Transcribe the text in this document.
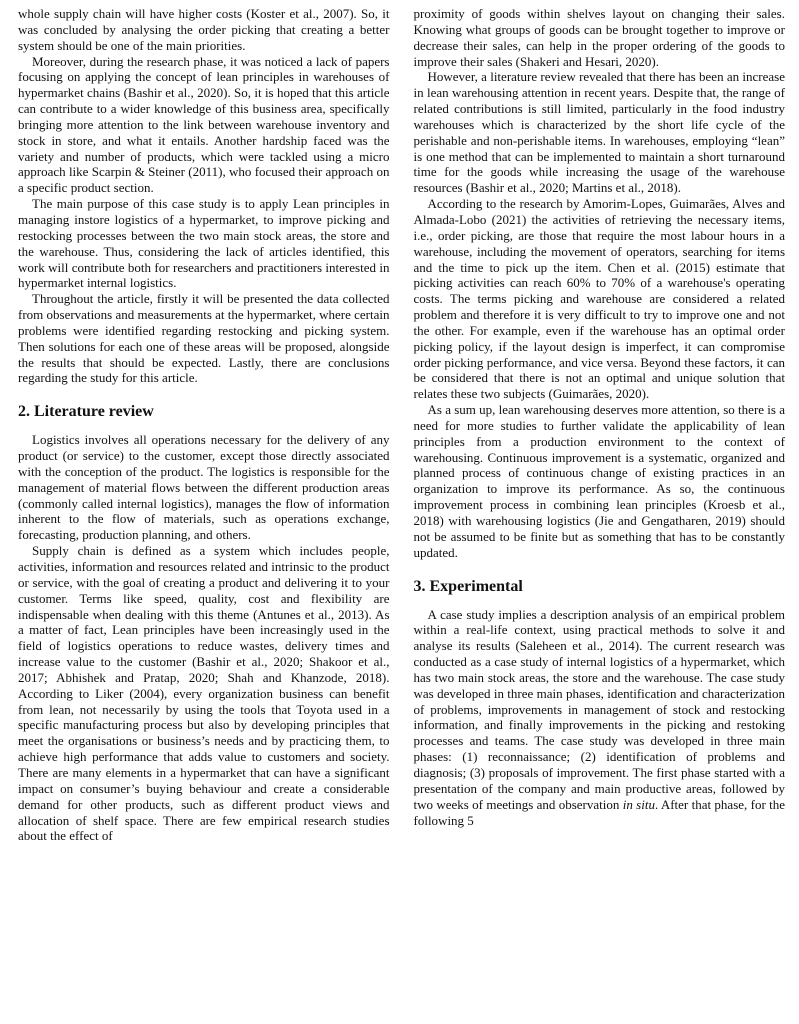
whole supply chain will have higher costs (Koster et al., 2007). So, it was concluded by analysing the order picking that creating a better system should be one of the main priorities.

Moreover, during the research phase, it was noticed a lack of papers focusing on applying the concept of lean principles in warehouses of hypermarket chains (Bashir et al., 2020). So, it is hoped that this article can contribute to a wider knowledge of this business area, specifically bringing more attention to the link between warehouse inventory and stock in store, and what it entails. Another hardship faced was the variety and number of products, which were tackled using a micro approach like Scarpin & Steiner (2011), who focused their approach on a specific product section.

The main purpose of this case study is to apply Lean principles in managing instore logistics of a hypermarket, to improve picking and restocking processes between the two main stock areas, the store and the warehouse. Thus, considering the lack of articles identified, this work will contribute both for researchers and practitioners interested in hypermarket internal logistics.

Throughout the article, firstly it will be presented the data collected from observations and measurements at the hypermarket, where certain problems were identified regarding restocking and picking system. Then solutions for each one of these areas will be proposed, alongside the results that should be expected. Lastly, there are conclusions regarding the study for this article.

2. Literature review

Logistics involves all operations necessary for the delivery of any product (or service) to the customer, except those directly associated with the conception of the product. The logistics is responsible for the management of material flows between the different production areas (commonly called internal logistics), manages the flow of information inherent to the flow of materials, such as operations exchange, forecasting, production planning, and others.

Supply chain is defined as a system which includes people, activities, information and resources related and intrinsic to the product or service, with the goal of creating a product and delivering it to your customer. Terms like speed, quality, cost and flexibility are indispensable when dealing with this theme (Antunes et al., 2013). As a matter of fact, Lean principles have been increasingly used in the field of logistics operations to reduce wastes, delivery times and increase value to the customer (Bashir et al., 2020; Shakoor et al., 2017; Abhishek and Pratap, 2020; Shah and Khanzode, 2018). According to Liker (2004), every organization business can benefit from lean, not necessarily by using the tools that Toyota used in a specific manufacturing process but also by developing principles that meet the organisations or business’s needs and by practicing them, to achieve high performance that adds value to customers and society. There are many elements in a hypermarket that can have a significant impact on consumer’s buying behaviour and create a considerable demand for other products, such as different product views and allocation of shelf space. There are few empirical research studies about the effect of

proximity of goods within shelves layout on changing their sales. Knowing what groups of goods can be brought together to improve or decrease their sales, can help in the proper ordering of the goods to improve their sales (Shakeri and Hesari, 2020).

However, a literature review revealed that there has been an increase in lean warehousing attention in recent years. Despite that, the range of related contributions is still limited, particularly in the food industry warehouses which is characterized by the short life cycle of the perishable and non-perishable items. In warehouses, employing “lean” is one method that can be implemented to maintain a short turnaround time for the goods while increasing the usage of the warehouse resources (Bashir et al., 2020; Martins et al., 2018).

According to the research by Amorim-Lopes, Guimarães, Alves and Almada-Lobo (2021) the activities of retrieving the necessary items, i.e., order picking, are those that require the most labour hours in a warehouse, including the movement of operators, searching for items and the time to pick up the item. Chen et al. (2015) estimate that picking activities can reach 60% to 70% of a warehouse's operating costs. The terms picking and warehouse are considered a related problem and therefore it is very difficult to try to improve one and not the other. For example, even if the warehouse has an optimal order picking policy, if the layout design is imperfect, it can compromise order picking performance, and vice versa. Beyond these factors, it can be considered that there is not an optimal and unique solution that relates these two subjects (Guimarães, 2020).

As a sum up, lean warehousing deserves more attention, so there is a need for more studies to further validate the applicability of lean principles from a production environment to the context of warehousing. Continuous improvement is a systematic, organized and planned process of continuous change of existing practices in an organization to improve its performance. As so, the continuous improvement process in combining lean principles (Kroesb et al., 2018) with warehousing logistics (Jie and Gengatharen, 2019) should not be assumed to be finite but as something that has to be constantly updated.

3. Experimental

A case study implies a description analysis of an empirical problem within a real-life context, using practical methods to solve it and analyse its results (Saleheen et al., 2014). The current research was conducted as a case study of internal logistics of a hypermarket, which has two main stock areas, the store and the warehouse. The case study was developed in three main phases, identification and characterization of problems, improvements in management of stock and restocking information, and finally improvements in the picking and restoking processes and teams. The case study was developed in three main phases: (1) reconnaissance; (2) identification of problems and diagnosis; (3) proposals of improvement. The first phase started with a presentation of the company and main productive areas, followed by two weeks of meetings and observation in situ. After that phase, for the following 5
